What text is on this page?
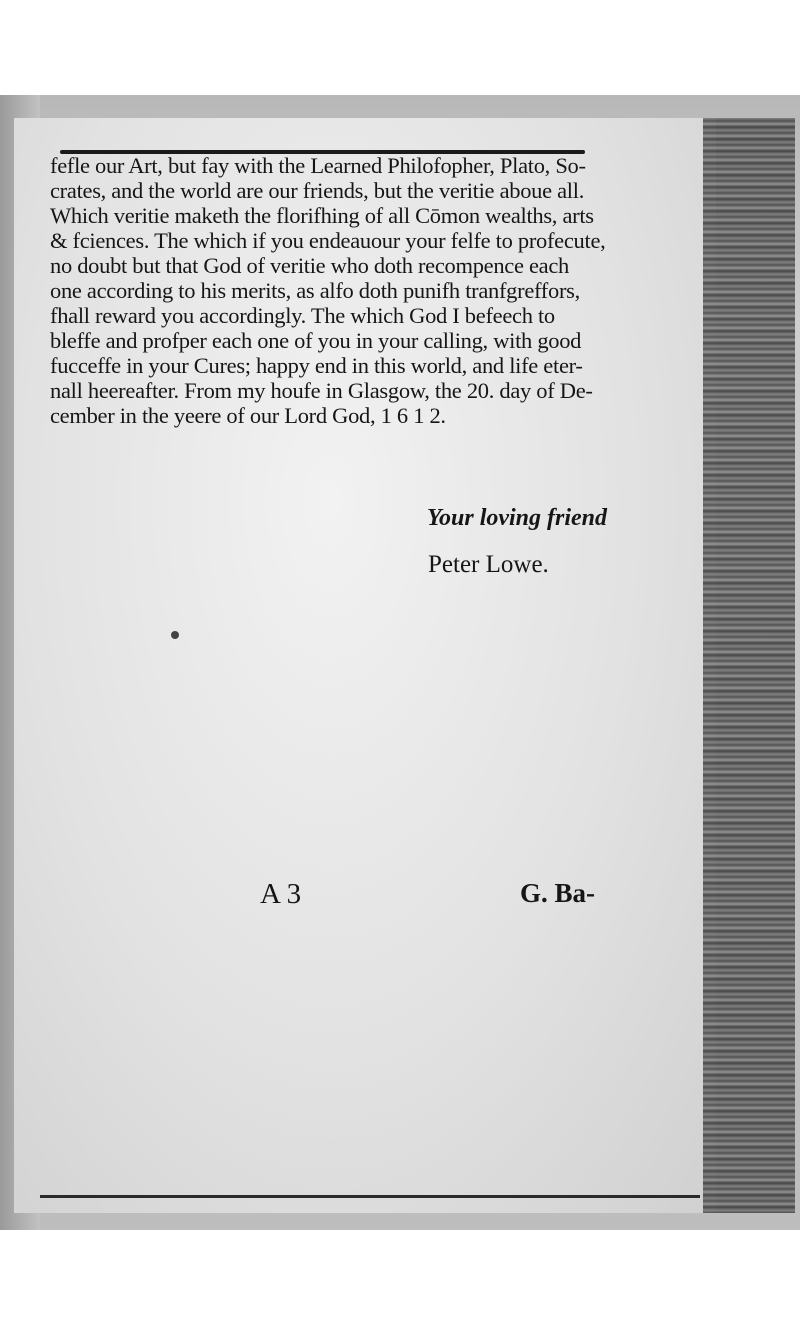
fefle our Art, but fay with the Learned Philofopher, Plato, So-
crates, and the world are our friends, but the veritie aboue all.
Which veritie maketh the florifhing of all Cōmon wealths, arts
& fciences. The which if you endeauour your felfe to profecute,
no doubt but that God of veritie who doth recompence each
one according to his merits, as alfo doth punifh tranfgreffors,
fhall reward you accordingly. The which God I befeech to
bleffe and profper each one of you in your calling, with good
fucceffe in your Cures; happy end in this world, and life eter-
nall heereafter. From my houfe in Glasgow, the 20. day of De-
cember in the yeere of our Lord God, 1 6 1 2.
Your loving friend
Peter Lowe.
A 3	G. Ba-
